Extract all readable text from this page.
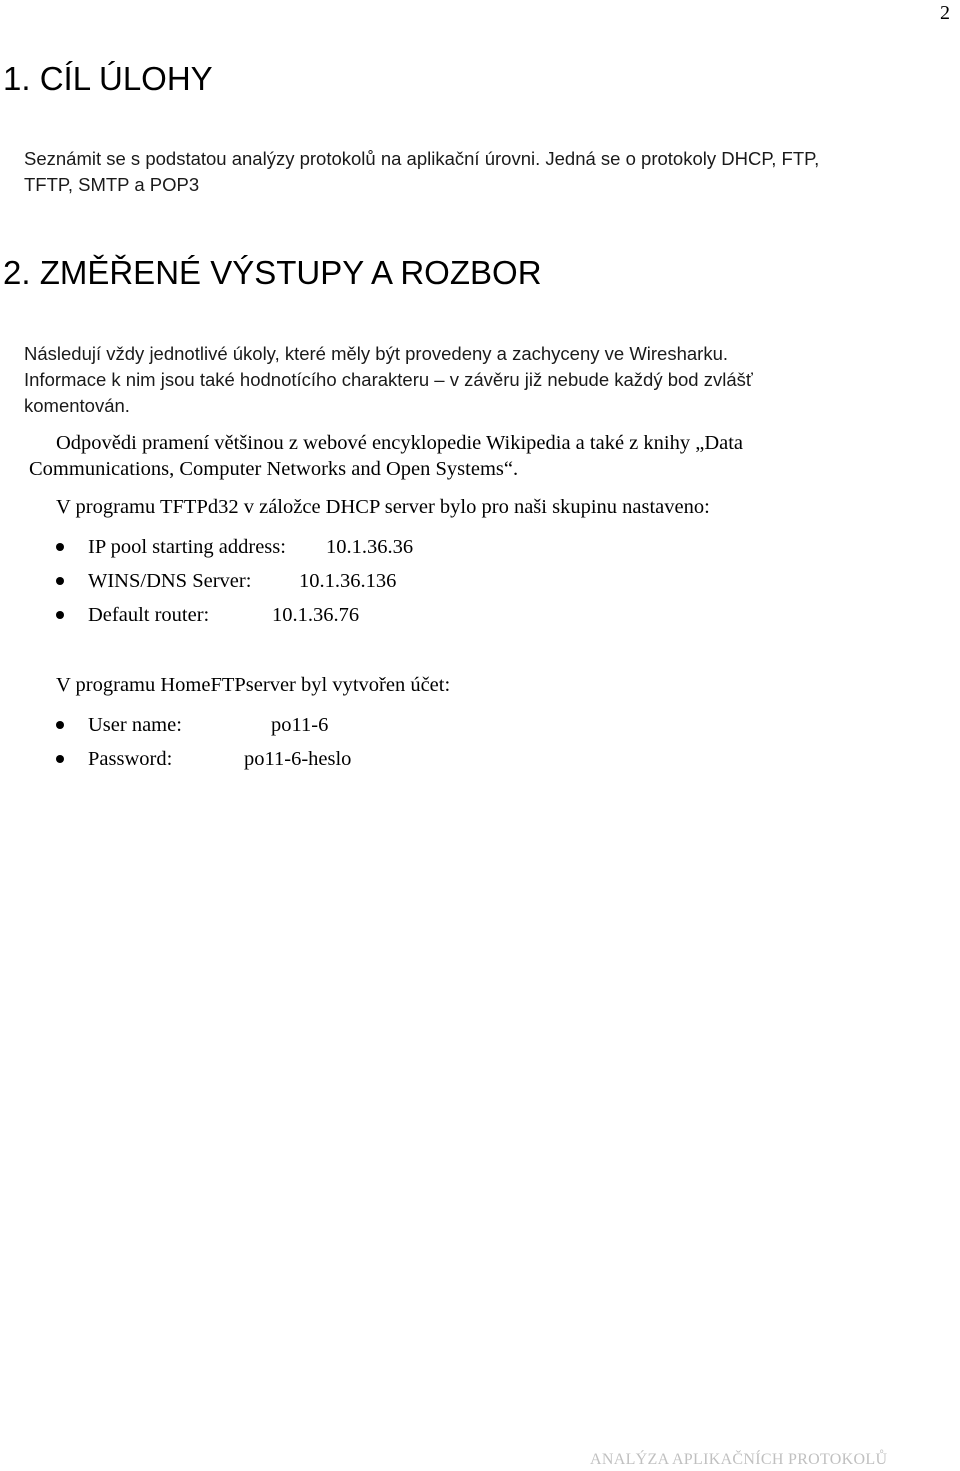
2
1. CÍL ÚLOHY

Seznámit se s podstatou analýzy protokolů na aplikační úrovni. Jedná se o protokoly DHCP, FTP,
TFTP, SMTP a POP3

2. ZMĚŘENÉ VÝSTUPY A ROZBOR

Následují vždy jednotlivé úkoly, které měly být provedeny a zachyceny ve Wiresharku.
Informace k nim jsou také hodnotícího charakteru – v závěru již nebude každý bod zvlášť
komentován.

Odpovědi pramení většinou z webové encyklopedie Wikipedia a také z knihy „Data

Communications, Computer Networks and Open Systems“.

V programu TFTPd32 v záložce DHCP server bylo pro naši skupinu nastaveno:

IP pool starting address: 10.1.36.36
WINS/DNS Server: 10.1.36.136
Default router:	10.1.36.76

V programu HomeFTPserver byl vytvořen účet:

User name:	po11-6
Password:	po11-6-heslo
ANALÝZA APLIKAČNÍCH PROTOKOLŮ
